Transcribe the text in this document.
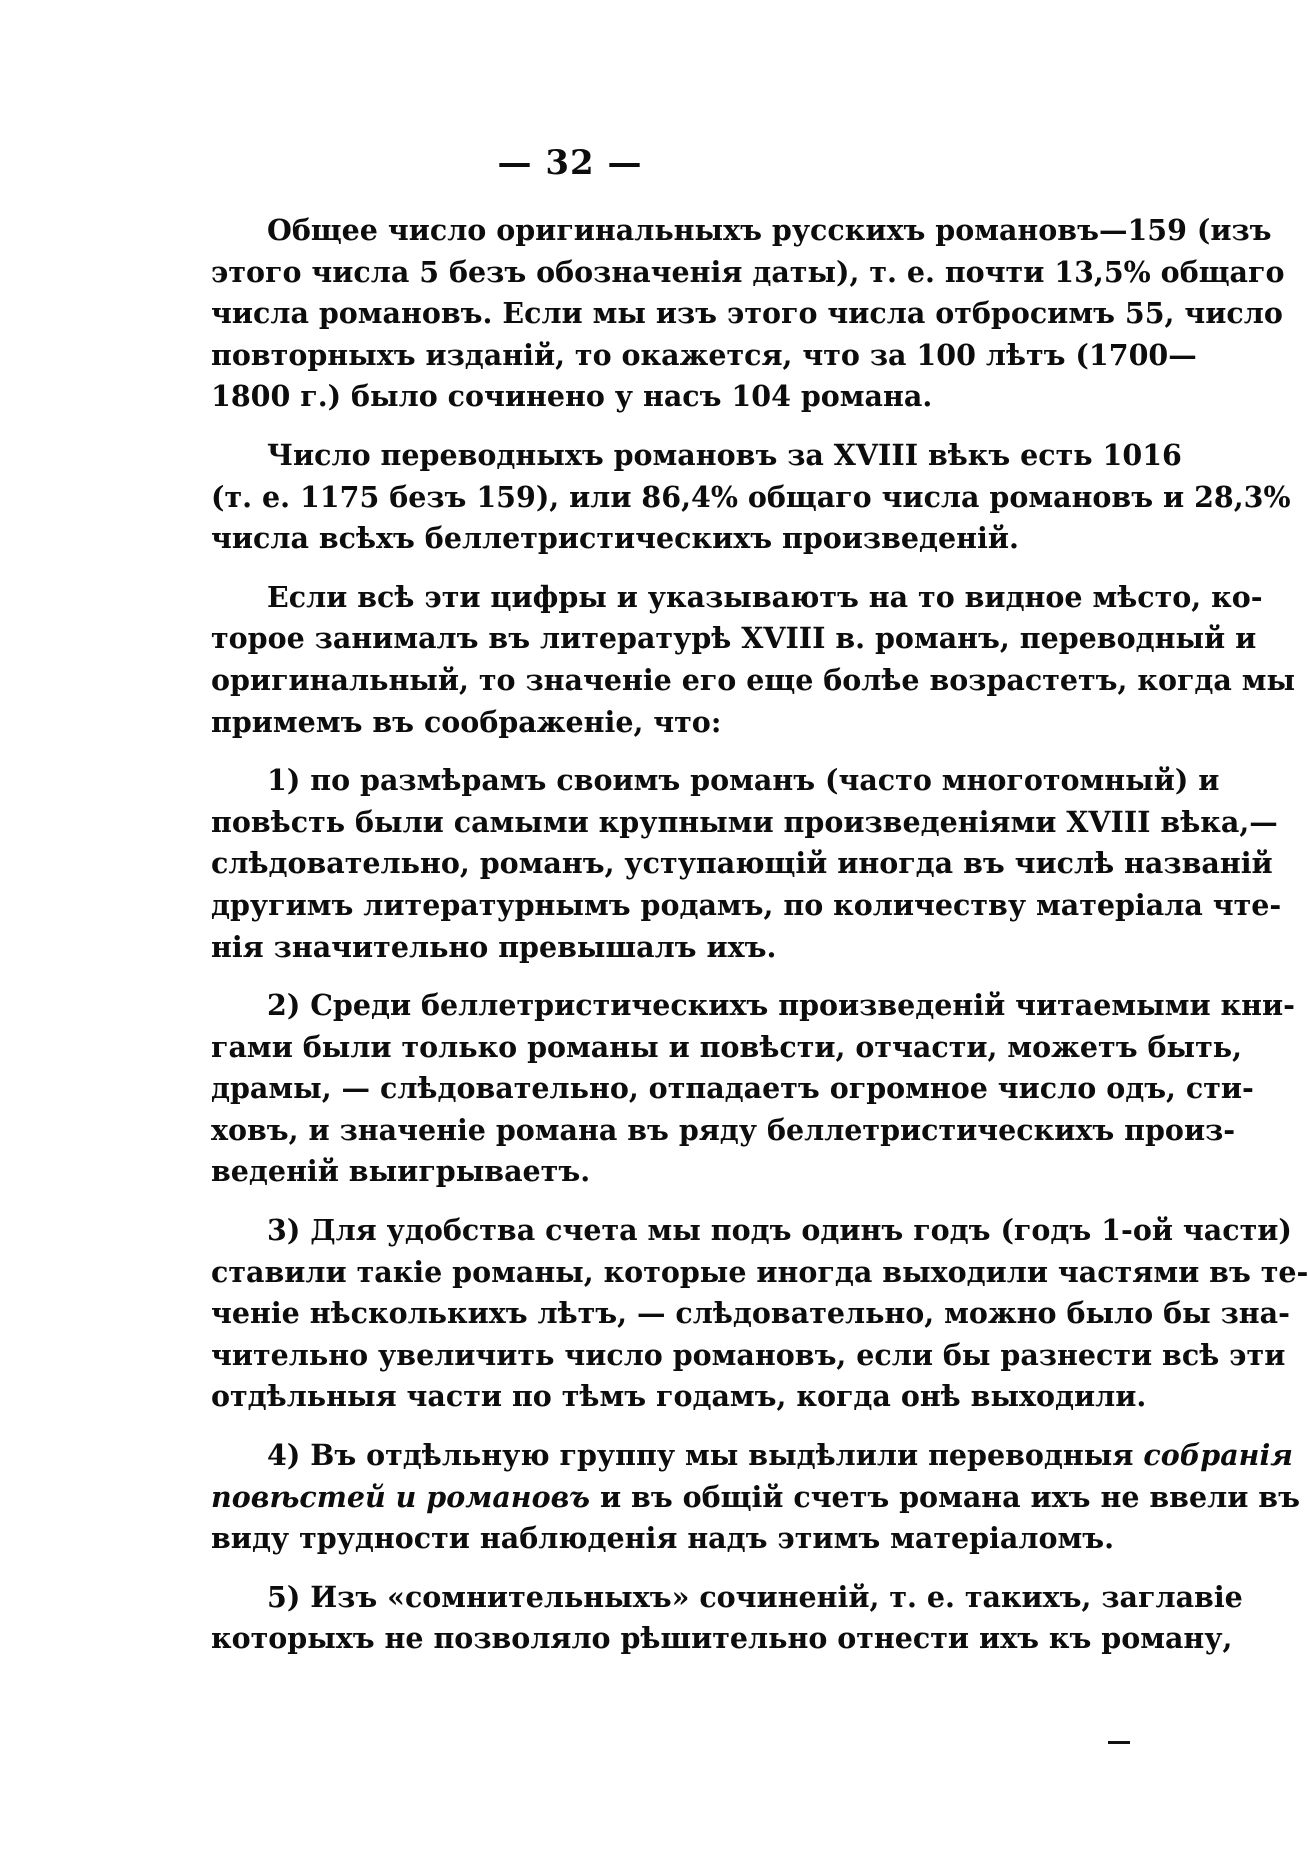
— 32 —
Общее число оригинальныхъ русскихъ романовъ—159 (изъ
этого числа 5 безъ обозначенія даты), т. е. почти 13,5% общаго
числа романовъ. Если мы изъ этого числа отбросимъ 55, число
повторныхъ изданій, то окажется, что за 100 лѣтъ (1700—
1800 г.) было сочинено у насъ 104 романа.
Число переводныхъ романовъ за XVIII вѣкъ есть 1016
(т. е. 1175 безъ 159), или 86,4% общаго числа романовъ и 28,3%
числа всѣхъ беллетристическихъ произведеній.
Если всѣ эти цифры и указываютъ на то видное мѣсто, ко-
торое занималъ въ литературѣ XVIII в. романъ, переводный и
оригинальный, то значеніе его еще болѣе возрастетъ, когда мы
примемъ въ соображеніе, что:
1) по размѣрамъ своимъ романъ (часто многотомный) и
повѣсть были самыми крупными произведеніями XVIII вѣка,—
слѣдовательно, романъ, уступающій иногда въ числѣ названій
другимъ литературнымъ родамъ, по количеству матеріала чте-
нія значительно превышалъ ихъ.
2) Среди беллетристическихъ произведеній читаемыми кни-
гами были только романы и повѣсти, отчасти, можетъ быть,
драмы, — слѣдовательно, отпадаетъ огромное число одъ, сти-
ховъ, и значеніе романа въ ряду беллетристическихъ произ-
веденій выигрываетъ.
3) Для удобства счета мы подъ одинъ годъ (годъ 1-ой части)
ставили такіе романы, которые иногда выходили частями въ те-
ченіе нѣсколькихъ лѣтъ, — слѣдовательно, можно было бы зна-
чительно увеличить число романовъ, если бы разнести всѣ эти
отдѣльныя части по тѣмъ годамъ, когда онѣ выходили.
4) Въ отдѣльную группу мы выдѣлили переводныя собранія
повѣстей и романовъ и въ общій счетъ романа ихъ не ввели въ
виду трудности наблюденія надъ этимъ матеріаломъ.
5) Изъ «сомнительныхъ» сочиненій, т. е. такихъ, заглавіе
которыхъ не позволяло рѣшительно отнести ихъ къ роману,
